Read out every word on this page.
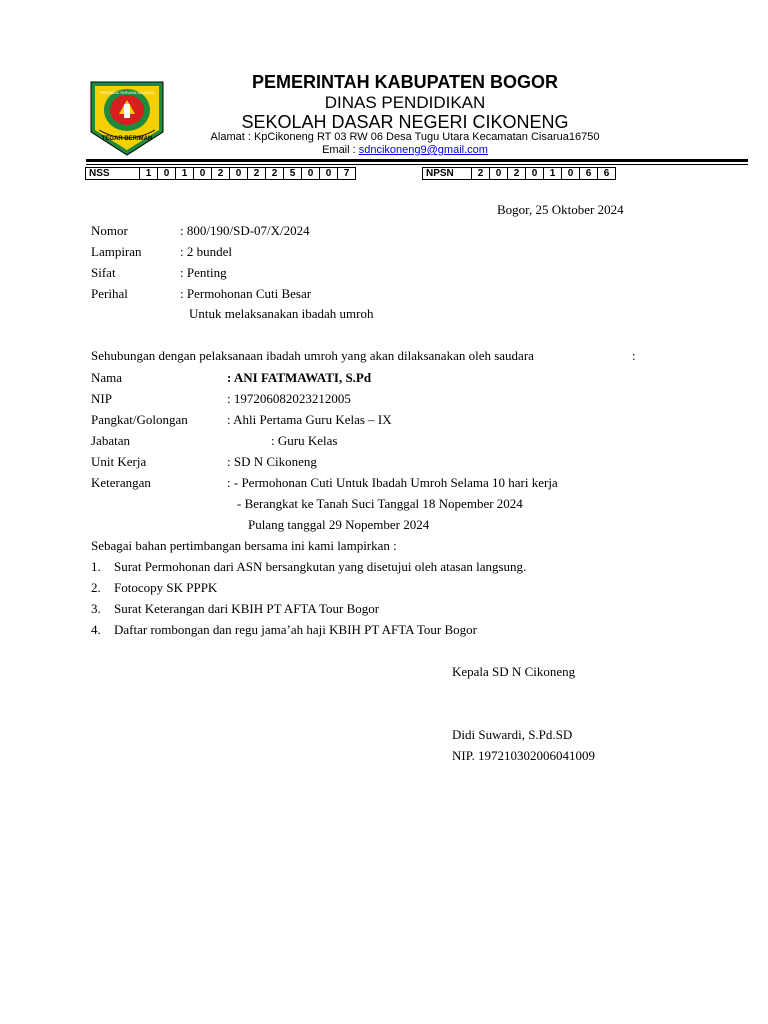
TEGAR BERIMAN
PERSADA TARUMA NAGARA
PEMERINTAH KABUPATEN BOGOR
DINAS PENDIDIKAN
SEKOLAH DASAR NEGERI CIKONENG
Alamat : KpCikoneng RT 03 RW 06 Desa Tugu Utara Kecamatan Cisarua16750
Email : sdncikoneng9@gmail.com
NSS	1	0	1	0	2	0	2	2	5	0	0	7	NPSN	2	0	2	0	1	0	6	6
Bogor, 25 Oktober 2024
Nomor	: 800/190/SD-07/X/2024
Lampiran	: 2 bundel
Sifat	: Penting
Perihal	: Permohonan Cuti Besar
Untuk melaksanakan ibadah umroh
Sehubungan dengan pelaksanaan ibadah umroh yang akan dilaksanakan oleh saudara	:
Nama	: ANI FATMAWATI, S.Pd
NIP	: 197206082023212005
Pangkat/Golongan	: Ahli Pertama Guru Kelas – IX
Jabatan	: Guru Kelas
Unit Kerja	: SD N Cikoneng
Keterangan	: - Permohonan Cuti Untuk Ibadah Umroh Selama 10 hari kerja
- Berangkat ke Tanah Suci Tanggal 18 Nopember 2024
Pulang tanggal 29 Nopember 2024
Sebagai bahan pertimbangan bersama ini kami lampirkan :
1. Surat Permohonan dari ASN bersangkutan yang disetujui oleh atasan langsung.
2. Fotocopy SK PPPK
3. Surat Keterangan dari KBIH PT AFTA Tour Bogor
4. Daftar rombongan dan regu jama’ah haji KBIH PT AFTA Tour Bogor
Kepala SD N Cikoneng
Didi Suwardi, S.Pd.SD
NIP. 197210302006041009
